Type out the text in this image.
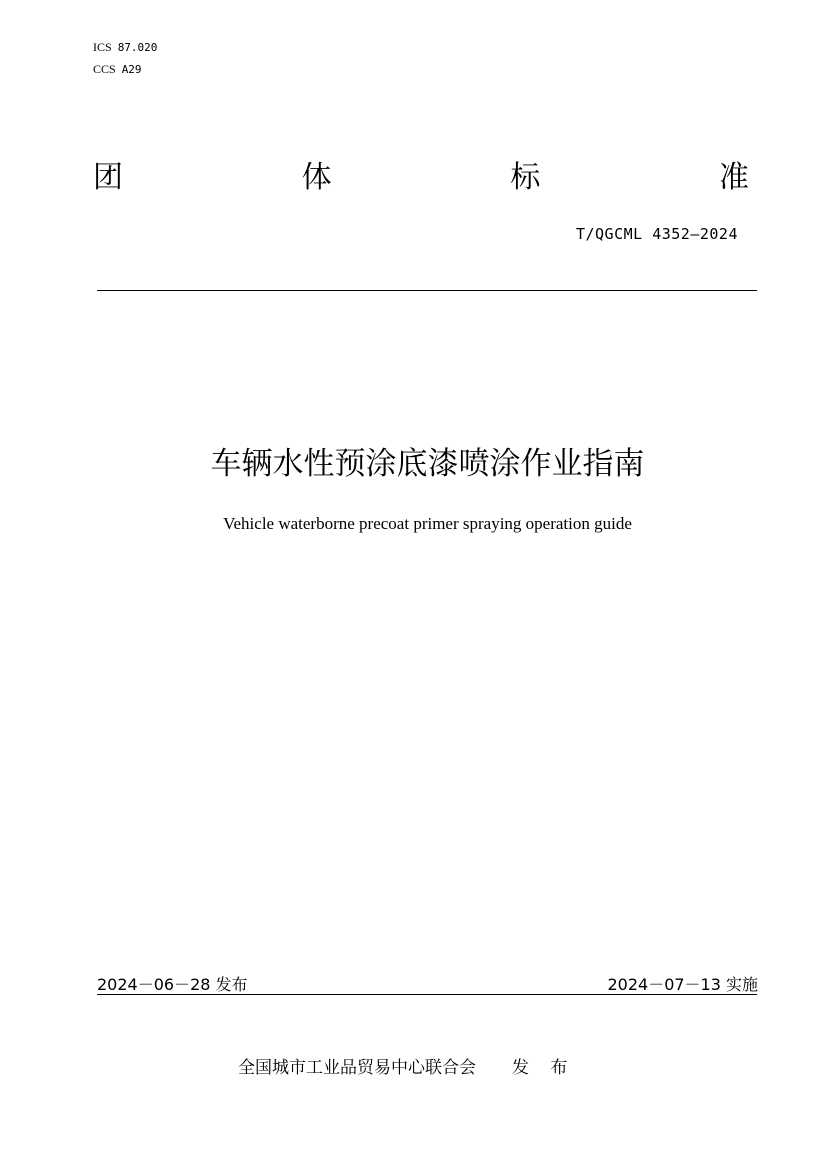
ICS 87.020
CCS A29
团	体	标	准
T/QGCML 4352—2024
车辆水性预涂底漆喷涂作业指南
Vehicle waterborne precoat primer spraying operation guide
2024－06－28 发布	2024－07－13 实施
全国城市工业品贸易中心联合会 发 布
